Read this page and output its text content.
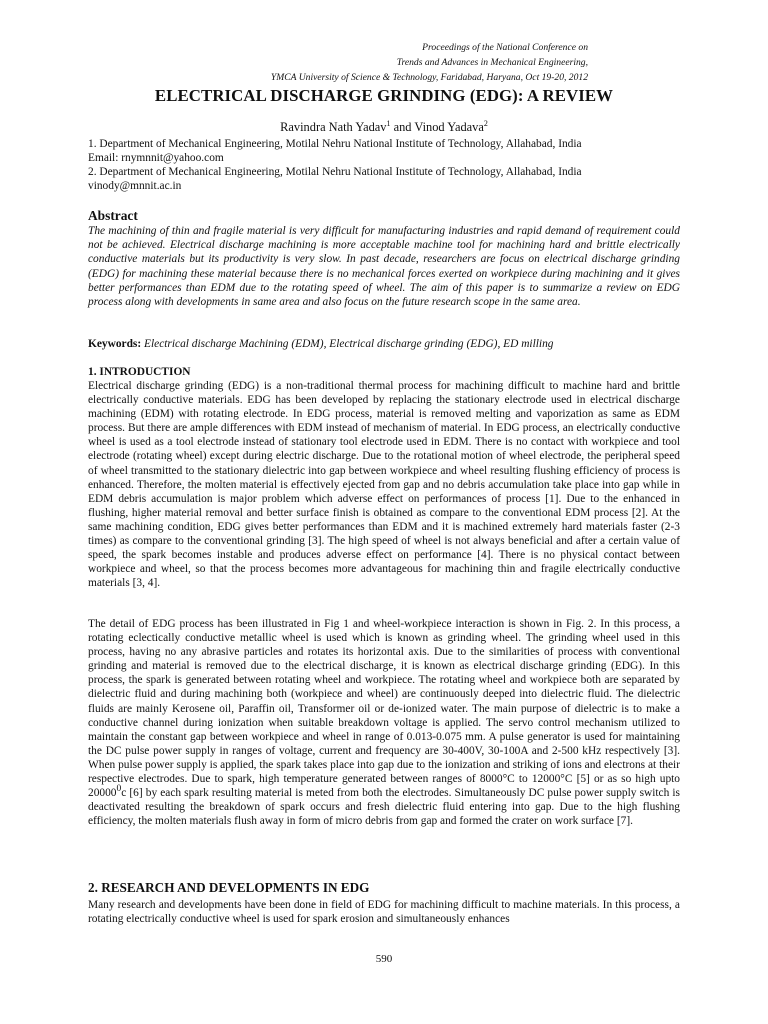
Proceedings of the National Conference on
Trends and Advances in Mechanical Engineering,
YMCA University of Science & Technology, Faridabad, Haryana, Oct 19-20, 2012
ELECTRICAL DISCHARGE GRINDING (EDG): A REVIEW
Ravindra Nath Yadav$^1$ and Vinod Yadava$^2$
1. Department of Mechanical Engineering, Motilal Nehru National Institute of Technology, Allahabad, India
Email: rnymnnit@yahoo.com
2. Department of Mechanical Engineering, Motilal Nehru National Institute of Technology, Allahabad, India
vinody@mnnit.ac.in
Abstract
The machining of thin and fragile material is very difficult for manufacturing industries and rapid demand of requirement could not be achieved. Electrical discharge machining is more acceptable machine tool for machining hard and brittle electrically conductive materials but its productivity is very slow. In past decade, researchers are focus on electrical discharge grinding (EDG) for machining these material because there is no mechanical forces exerted on workpiece during machining and it gives better performances than EDM due to the rotating speed of wheel. The aim of this paper is to summarize a review on EDG process along with developments in same area and also focus on the future research scope in the same area.
Keywords: Electrical discharge Machining (EDM), Electrical discharge grinding (EDG), ED milling
1. INTRODUCTION
Electrical discharge grinding (EDG) is a non-traditional thermal process for machining difficult to machine hard and brittle electrically conductive materials. EDG has been developed by replacing the stationary electrode used in electrical discharge machining (EDM) with rotating electrode. In EDG process, material is removed melting and vaporization as same as EDM process. But there are ample differences with EDM instead of mechanism of material. In EDG process, an electrically conductive wheel is used as a tool electrode instead of stationary tool electrode used in EDM. There is no contact with workpiece and tool electrode (rotating wheel) except during electric discharge. Due to the rotational motion of wheel electrode, the peripheral speed of wheel transmitted to the stationary dielectric into gap between workpiece and wheel resulting flushing efficiency of process is enhanced. Therefore, the molten material is effectively ejected from gap and no debris accumulation take place into gap while in EDM debris accumulation is major problem which adverse effect on performances of process [1]. Due to the enhanced in flushing, higher material removal and better surface finish is obtained as compare to the conventional EDM process [2]. At the same machining condition, EDG gives better performances than EDM and it is machined extremely hard materials faster (2-3 times) as compare to the conventional grinding [3]. The high speed of wheel is not always beneficial and after a certain value of speed, the spark becomes instable and produces adverse effect on performance [4]. There is no physical contact between workpiece and wheel, so that the process becomes more advantageous for machining thin and fragile electrically conductive materials [3, 4].
The detail of EDG process has been illustrated in Fig 1 and wheel-workpiece interaction is shown in Fig. 2. In this process, a rotating eclectically conductive metallic wheel is used which is known as grinding wheel. The grinding wheel used in this process, having no any abrasive particles and rotates its horizontal axis. Due to the similarities of process with conventional grinding and material is removed due to the electrical discharge, it is known as electrical discharge grinding (EDG). In this process, the spark is generated between rotating wheel and workpiece. The rotating wheel and workpiece both are separated by dielectric fluid and during machining both (workpiece and wheel) are continuously deeped into dielectric fluid. The dielectric fluids are mainly Kerosene oil, Paraffin oil, Transformer oil or de-ionized water. The main purpose of dielectric is to make a conductive channel during ionization when suitable breakdown voltage is applied. The servo control mechanism utilized to maintain the constant gap between workpiece and wheel in range of 0.013-0.075 mm. A pulse generator is used for maintaining the DC pulse power supply in ranges of voltage, current and frequency are 30-400V, 30-100A and 2-500 kHz respectively [3]. When pulse power supply is applied, the spark takes place into gap due to the ionization and striking of ions and electrons at their respective electrodes. Due to spark, high temperature generated between ranges of 8000°C to 12000°C [5] or as so high upto 20000$^0$c [6] by each spark resulting material is meted from both the electrodes. Simultaneously DC pulse power supply switch is deactivated resulting the breakdown of spark occurs and fresh dielectric fluid entering into gap. Due to the high flushing efficiency, the molten materials flush away in form of micro debris from gap and formed the crater on work surface [7].
2. RESEARCH AND DEVELOPMENTS IN EDG
Many research and developments have been done in field of EDG for machining difficult to machine materials. In this process, a rotating electrically conductive wheel is used for spark erosion and simultaneously enhances
590
